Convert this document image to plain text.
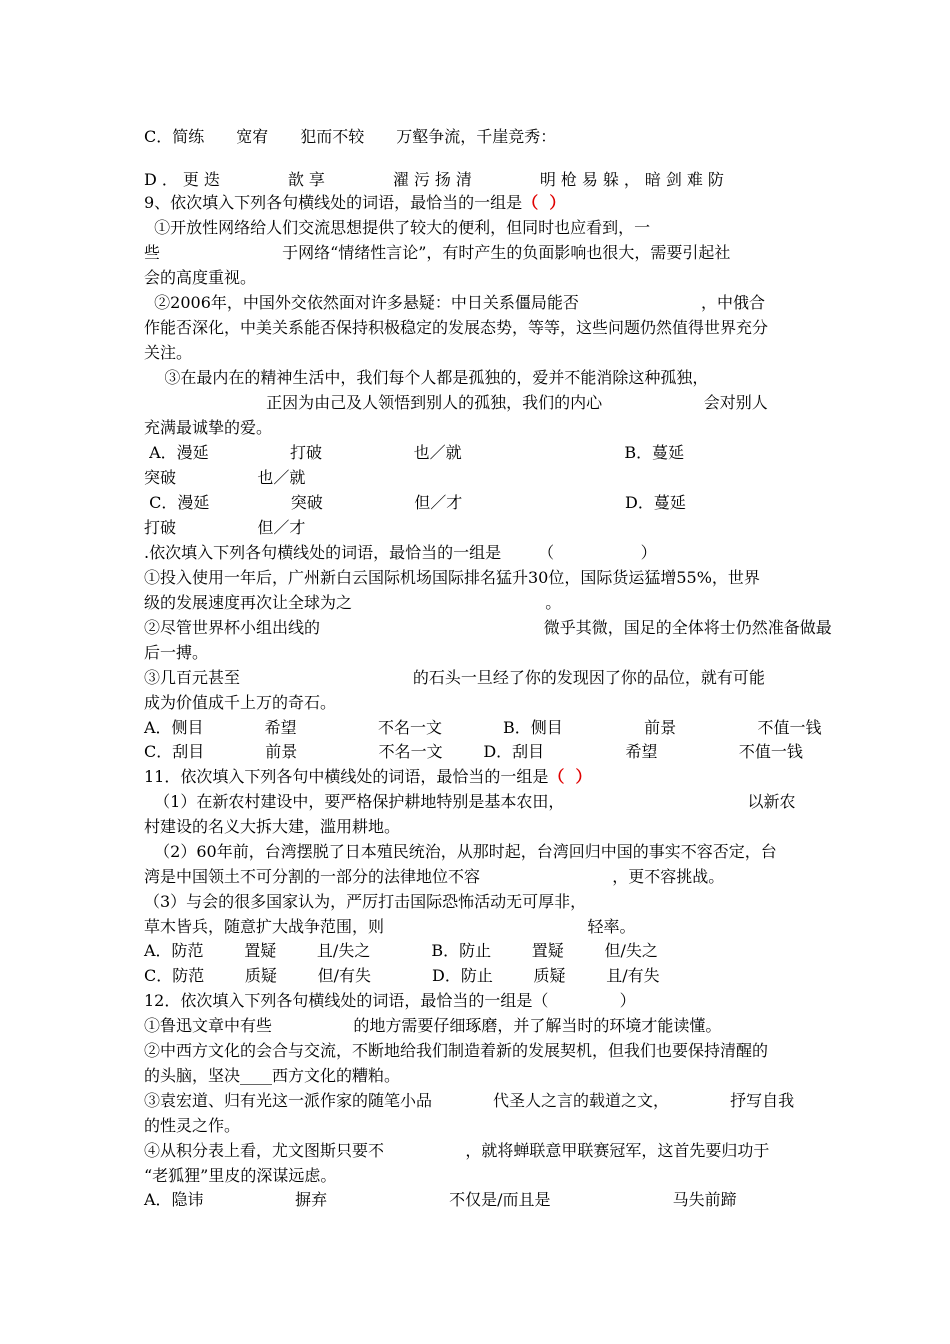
C．简练　　宽宥　　犯而不较　　万壑争流，千崖竞秀：
D．更迭　　　歆享　　　濯污扬清　　　明枪易躲，暗剑难防
9、依次填入下列各句横线处的词语，最恰当的一组是（  ）
①开放性网络给人们交流思想提供了较大的便利，但同时也应看到，一
些                        于网络“情绪性言论”，有时产生的负面影响也很大，需要引起社
会的高度重视。
②2006年，中国外交依然面对许多悬疑：中日关系僵局能否                        ，中俄合
作能否深化，中美关系能否保持积极稳定的发展态势，等等，这些问题仍然值得世界充分
关注。
③在最内在的精神生活中，我们每个人都是孤独的，爱并不能消除这种孤独，
正因为由己及人领悟到别人的孤独，我们的内心                    会对别人
充满最诚挚的爱。
A．漫延                打破                  也／就                                B．蔓延
突破                也／就
C．漫延                突破                  但／才                                D．蔓延
打破                但／才
.依次填入下列各句横线处的词语，最恰当的一组是　　 （                 ）
①投入使用一年后，广州新白云国际机场国际排名猛升30位，国际货运猛增55%，世界
级的发展速度再次让全球为之                                      。
②尽管世界杯小组出线的                                            微乎其微，国足的全体将士仍然准备做最
后一搏。
③几百元甚至                                  的石头一旦经了你的发现因了你的品位，就有可能
成为价值成千上万的奇石。
A．侧目            希望                不名一文            B．侧目                前景                不值一钱
C．刮目            前景                不名一文        D．刮目                希望                不值一钱
11．依次填入下列各句中横线处的词语，最恰当的一组是（  ）
（1）在新农村建设中，要严格保护耕地特别是基本农田，                                    以新农
村建设的名义大拆大建，滥用耕地。
（2）60年前，台湾摆脱了日本殖民统治，从那时起，台湾回归中国的事实不容否定，台
湾是中国领土不可分割的一部分的法律地位不容                          ，更不容挑战。
（3）与会的很多国家认为，严厉打击国际恐怖活动无可厚非，
草木皆兵，随意扩大战争范围，则                                        轻率。
A．防范        置疑        且/失之            B．防止        置疑        但/失之
C．防范        质疑        但/有失            D．防止        质疑        且/有失
12．依次填入下列各句横线处的词语，最恰当的一组是（              ）
①鲁迅文章中有些                的地方需要仔细琢磨，并了解当时的环境才能读懂。
②中西方文化的会合与交流，不断地给我们制造着新的发展契机，但我们也要保持清醒的
的头脑，坚决____西方文化的糟粕。
③袁宏道、归有光这一派作家的随笔小品            代圣人之言的载道之文，            抒写自我
的性灵之作。
④从积分表上看，尤文图斯只要不                ，就将蝉联意甲联赛冠军，这首先要归功于
“老狐狸”里皮的深谋远虑。
A．隐讳                  摒弃                        不仅是/而且是                        马失前蹄
